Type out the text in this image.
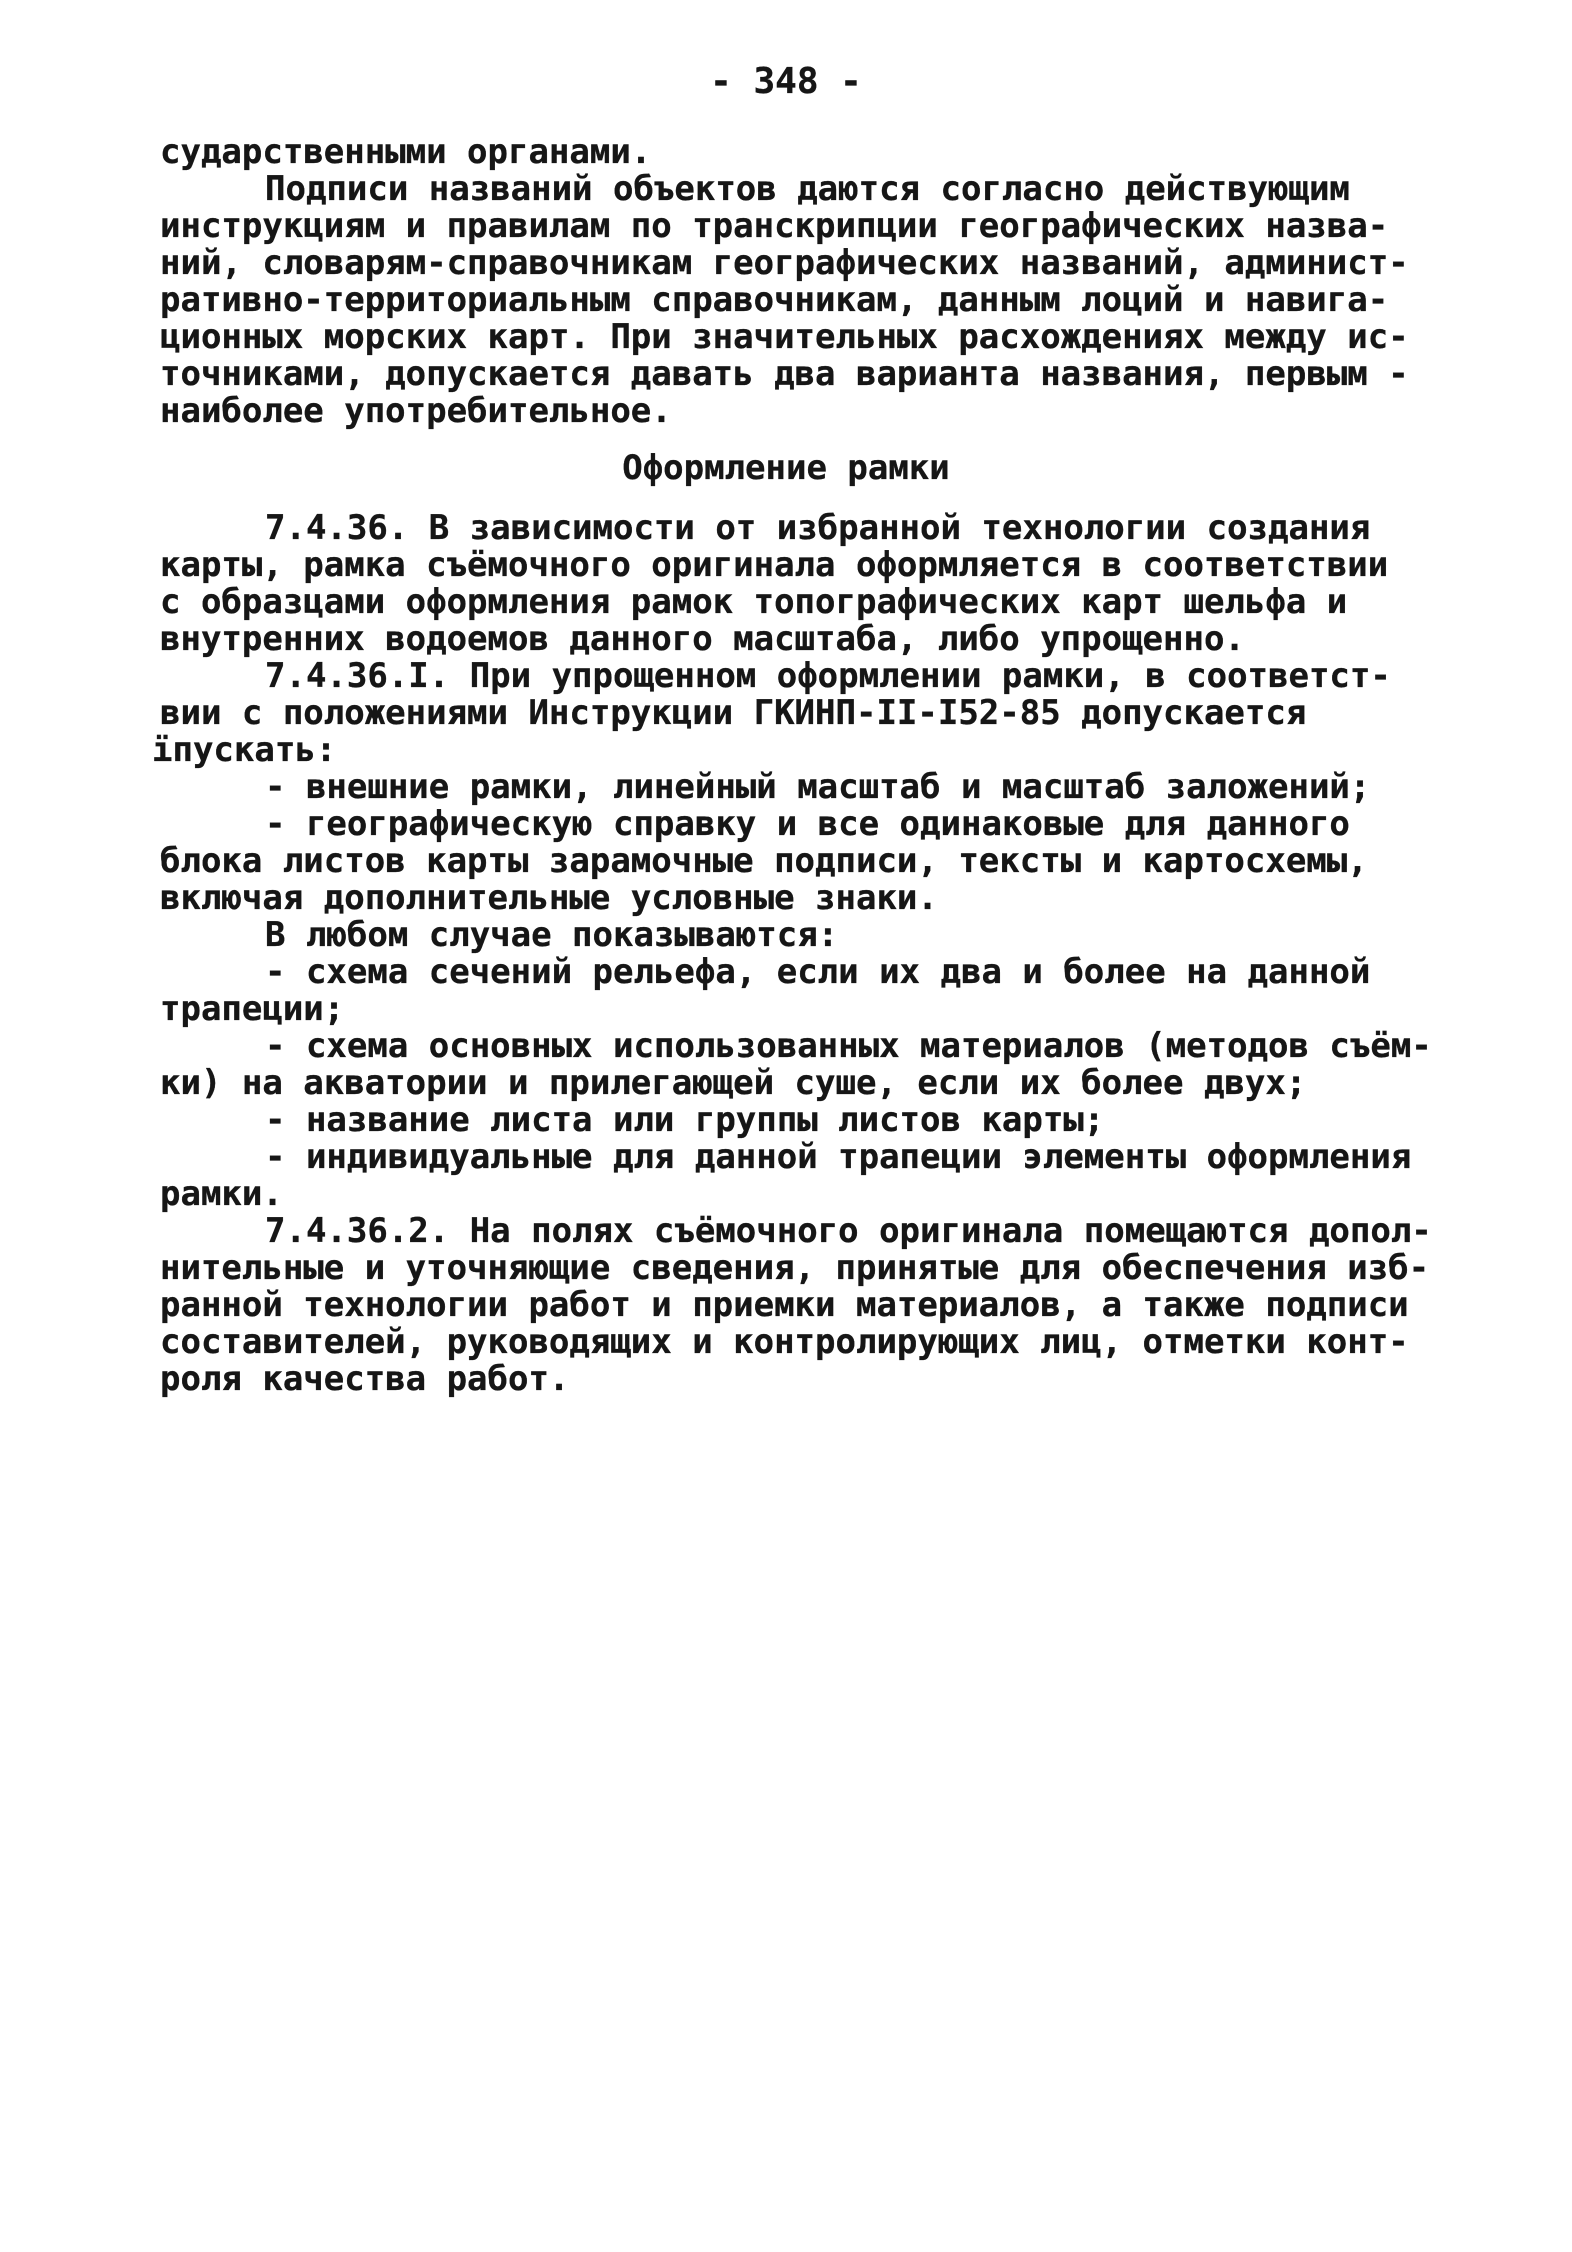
- 348 -
сударственными органами.
Подписи названий объектов даются согласно действующим
инструкциям и правилам по транскрипции географических назва-
ний, словарям-справочникам географических названий, админист-
ративно-территориальным справочникам, данным лоций и навига-
ционных морских карт. При значительных расхождениях между ис-
точниками, допускается давать два варианта названия, первым -
наиболее употребительное.
Оформление рамки
7.4.36. В зависимости от избранной технологии создания
карты, рамка съёмочного оригинала оформляется в соответствии
с образцами оформления рамок топографических карт шельфа и
внутренних водоемов данного масштаба, либо упрощенно.
7.4.36.I. При упрощенном оформлении рамки, в соответст-
вии с положениями Инструкции ГКИНП-II-I52-85 допускается
ïпускать:
- внешние рамки, линейный масштаб и масштаб заложений;
- географическую справку и все одинаковые для данного
блока листов карты зарамочные подписи, тексты и картосхемы,
включая дополнительные условные знаки.
В любом случае показываются:
- схема сечений рельефа, если их два и более на данной
трапеции;
- схема основных использованных материалов (методов съём-
ки) на акватории и прилегающей суше, если их более двух;
- название листа или группы листов карты;
- индивидуальные для данной трапеции элементы оформления
рамки.
7.4.36.2. На полях съёмочного оригинала помещаются допол-
нительные и уточняющие сведения, принятые для обеспечения изб-
ранной технологии работ и приемки материалов, а также подписи
составителей, руководящих и контролирующих лиц, отметки конт-
роля качества работ.
